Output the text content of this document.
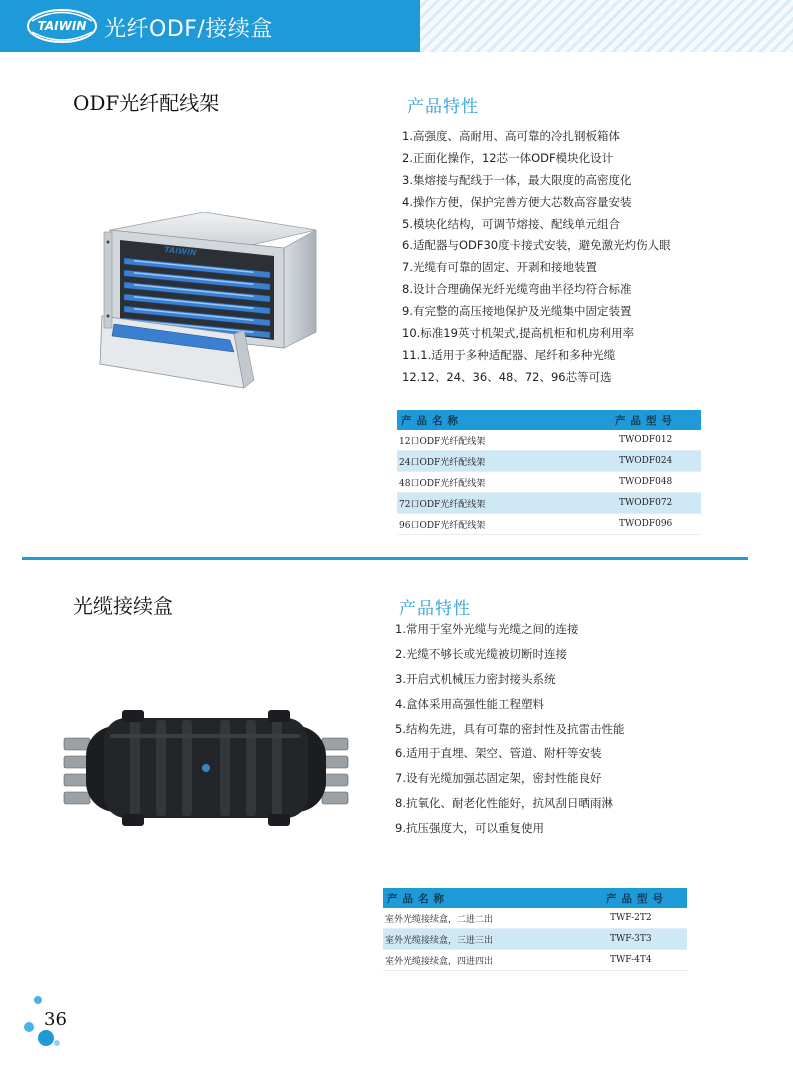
TAIWIN 光纤ODF/接续盒
ODF光纤配线架
TAIWIN
产品特性
1.高强度、高耐用、高可靠的冷扎钢板箱体
2.正面化操作，12芯一体ODF模块化设计
3.集熔接与配线于一体，最大限度的高密度化
4.操作方便，保护完善方便大芯数高容量安装
5.模块化结构，可调节熔接、配线单元组合
6.适配器与ODF30度卡接式安装，避免激光灼伤人眼
7.光缆有可靠的固定、开剥和接地装置
8.设计合理确保光纤光缆弯曲半径均符合标准
9.有完整的高压接地保护及光缆集中固定装置
10.标准19英寸机架式,提高机柜和机房利用率
11.1.适用于多种适配器、尾纤和多种光缆
12.12、24、36、48、72、96芯等可选
产品名称	产品型号
12口ODF光纤配线架	TWODF012
24口ODF光纤配线架	TWODF024
48口ODF光纤配线架	TWODF048
72口ODF光纤配线架	TWODF072
96口ODF光纤配线架	TWODF096
光缆接续盒	产品特性
1.常用于室外光缆与光缆之间的连接
2.光缆不够长或光缆被切断时连接
3.开启式机械压力密封接头系统
4.盒体采用高强性能工程塑料
5.结构先进，具有可靠的密封性及抗雷击性能
6.适用于直埋、架空、管道、附杆等安装
7.设有光缆加强芯固定架，密封性能良好
8.抗氧化、耐老化性能好，抗风刮日晒雨淋
9.抗压强度大，可以重复使用
产品名称	产品型号
室外光缆接续盒，二进二出	TWF-2T2
室外光缆接续盒，三进三出	TWF-3T3
室外光缆接续盒，四进四出	TWF-4T4
36
